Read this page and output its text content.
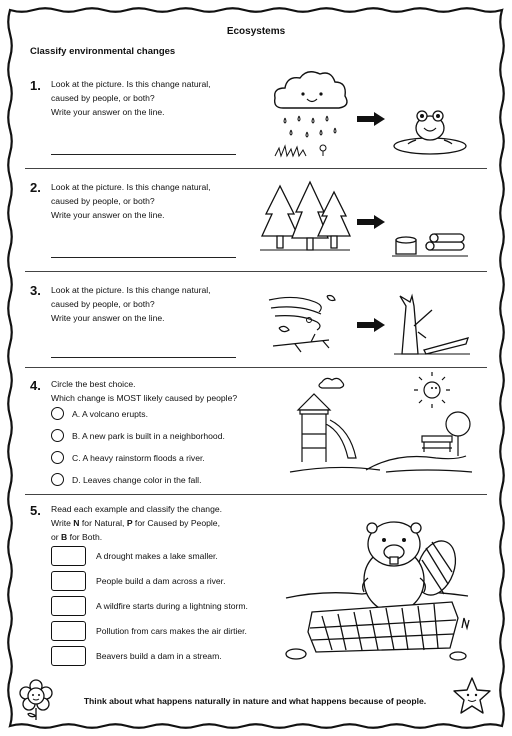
Ecosystems
Classify environmental changes
1. Look at the picture. Is this change natural,
caused by people, or both?
Write your answer on the line.
2. Look at the picture. Is this change natural,
caused by people, or both?
Write your answer on the line.
3. Look at the picture. Is this change natural,
caused by people, or both?
Write your answer on the line.
4. Circle the best choice.
Which change is MOST likely caused by people?
A. A volcano erupts.
B. A new park is built in a neighborhood.
C. A heavy rainstorm floods a river.
D. Leaves change color in the fall.
5. Read each example and classify the change.
Write N for Natural, P for Caused by People,
or B for Both.
A drought makes a lake smaller.
People build a dam across a river.
A wildfire starts during a lightning storm.
Pollution from cars makes the air dirtier.
Beavers build a dam in a stream.
Think about what happens naturally in nature and what happens because of people.
